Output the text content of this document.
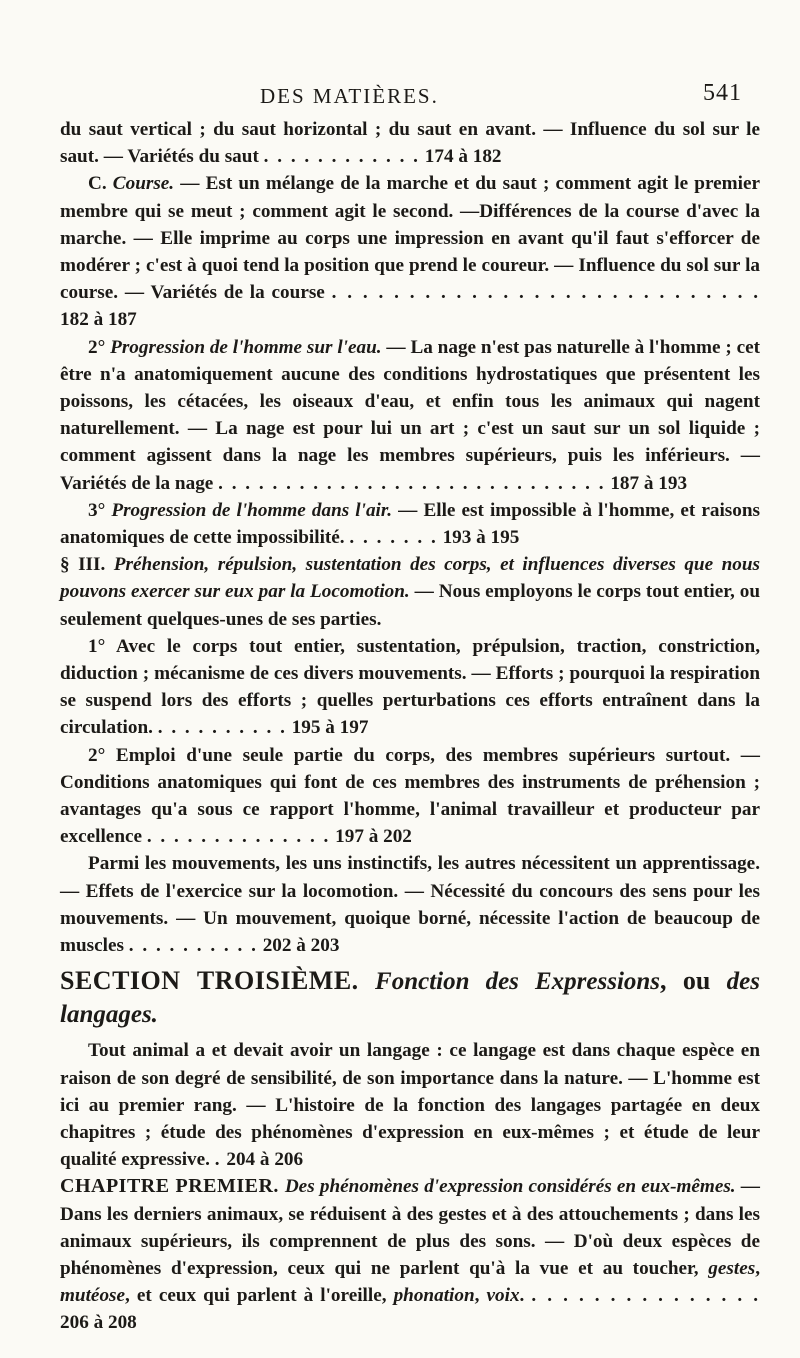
DES MATIÈRES.	541

du saut vertical ; du saut horizontal ; du saut en avant. — Influence du sol sur le saut. — Variétés du saut . . . . . . . . . . . . 174 à 182

C. Course. — Est un mélange de la marche et du saut ; comment agit le premier membre qui se meut ; comment agit le second. —Différences de la course d'avec la marche. — Elle imprime au corps une impression en avant qu'il faut s'efforcer de modérer ; c'est à quoi tend la position que prend le coureur. — Influence du sol sur la course. — Variétés de la course . . . . . . . . . . . . . . . . . . . . . . . . . . . . 182 à 187

2° Progression de l'homme sur l'eau. — La nage n'est pas naturelle à l'homme ; cet être n'a anatomiquement aucune des conditions hydrostatiques que présentent les poissons, les cétacées, les oiseaux d'eau, et enfin tous les animaux qui nagent naturellement. — La nage est pour lui un art ; c'est un saut sur un sol liquide ; comment agissent dans la nage les membres supérieurs, puis les inférieurs. — Variétés de la nage . . . . . . . . . . . . . . . . . . . . . . . . . . . . . 187 à 193

3° Progression de l'homme dans l'air. — Elle est impossible à l'homme, et raisons anatomiques de cette impossibilité. . . . . . . . 193 à 195

§ III. Préhension, répulsion, sustentation des corps, et influences diverses que nous pouvons exercer sur eux par la Locomotion. — Nous employons le corps tout entier, ou seulement quelques-unes de ses parties.

1° Avec le corps tout entier, sustentation, prépulsion, traction, constriction, diduction ; mécanisme de ces divers mouvements. — Efforts ; pourquoi la respiration se suspend lors des efforts ; quelles perturbations ces efforts entraînent dans la circulation. . . . . . . . . . . 195 à 197

2° Emploi d'une seule partie du corps, des membres supérieurs surtout. — Conditions anatomiques qui font de ces membres des instruments de préhension ; avantages qu'a sous ce rapport l'homme, l'animal travailleur et producteur par excellence . . . . . . . . . . . . . . 197 à 202

Parmi les mouvements, les uns instinctifs, les autres nécessitent un apprentissage. — Effets de l'exercice sur la locomotion. — Nécessité du concours des sens pour les mouvements. — Un mouvement, quoique borné, nécessite l'action de beaucoup de muscles . . . . . . . . . . 202 à 203

SECTION TROISIÈME. Fonction des Expressions, ou des langages.

Tout animal a et devait avoir un langage : ce langage est dans chaque espèce en raison de son degré de sensibilité, de son importance dans la nature. — L'homme est ici au premier rang. — L'histoire de la fonction des langages partagée en deux chapitres ; étude des phénomènes d'expression en eux-mêmes ; et étude de leur qualité expressive. . 204 à 206

CHAPITRE PREMIER. Des phénomènes d'expression considérés en eux-mêmes. — Dans les derniers animaux, se réduisent à des gestes et à des attouchements ; dans les animaux supérieurs, ils comprennent de plus des sons. — D'où deux espèces de phénomènes d'expression, ceux qui ne parlent qu'à la vue et au toucher, gestes, mutéose, et ceux qui parlent à l'oreille, phonation, voix. . . . . . . . . . . . . . . . 206 à 208
